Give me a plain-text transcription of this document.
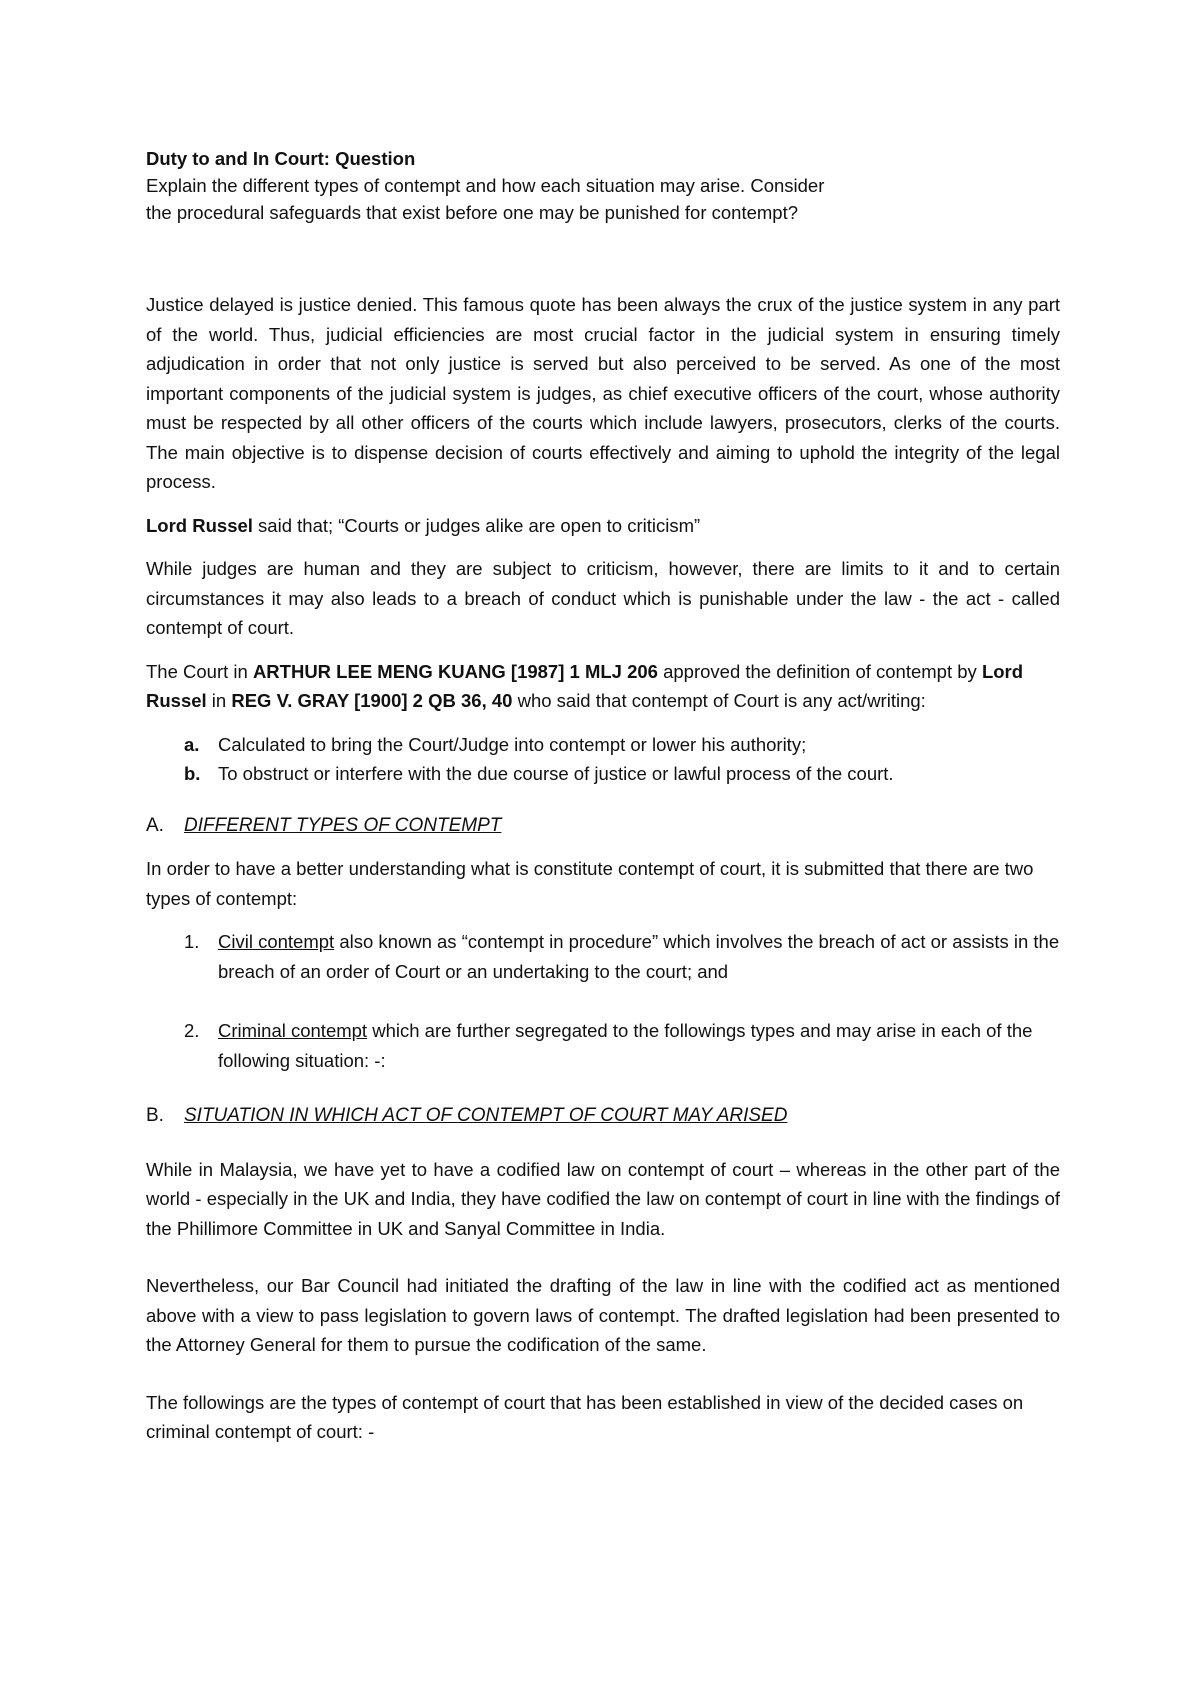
Duty to and In Court: Question

Explain the different types of contempt and how each situation may arise. Consider

the procedural safeguards that exist before one may be punished for contempt?

Justice delayed is justice denied. This famous quote has been always the crux of the justice system in any part of the world. Thus, judicial efficiencies are most crucial factor in the judicial system in ensuring timely adjudication in order that not only justice is served but also perceived to be served. As one of the most important components of the judicial system is judges, as chief executive officers of the court, whose authority must be respected by all other officers of the courts which include lawyers, prosecutors, clerks of the courts. The main objective is to dispense decision of courts effectively and aiming to uphold the integrity of the legal process.

Lord Russel said that; “Courts or judges alike are open to criticism”

While judges are human and they are subject to criticism, however, there are limits to it and to certain circumstances it may also leads to a breach of conduct which is punishable under the law - the act - called contempt of court.

The Court in ARTHUR LEE MENG KUANG [1987] 1 MLJ 206 approved the definition of contempt by Lord Russel in REG V. GRAY [1900] 2 QB 36, 40 who said that contempt of Court is any act/writing:

a. Calculated to bring the Court/Judge into contempt or lower his authority;
b. To obstruct or interfere with the due course of justice or lawful process of the court.
A. DIFFERENT TYPES OF CONTEMPT

In order to have a better understanding what is constitute contempt of court, it is submitted that there are two types of contempt:

1. Civil contempt also known as “contempt in procedure” which involves the breach of act or assists in the breach of an order of Court or an undertaking to the court; and
2. Criminal contempt which are further segregated to the followings types and may arise in each of the following situation: -:
B. SITUATION IN WHICH ACT OF CONTEMPT OF COURT MAY ARISED

While in Malaysia, we have yet to have a codified law on contempt of court – whereas in the other part of the world - especially in the UK and India, they have codified the law on contempt of court in line with the findings of the Phillimore Committee in UK and Sanyal Committee in India.

Nevertheless, our Bar Council had initiated the drafting of the law in line with the codified act as mentioned above with a view to pass legislation to govern laws of contempt. The drafted legislation had been presented to the Attorney General for them to pursue the codification of the same.

The followings are the types of contempt of court that has been established in view of the decided cases on criminal contempt of court: -
